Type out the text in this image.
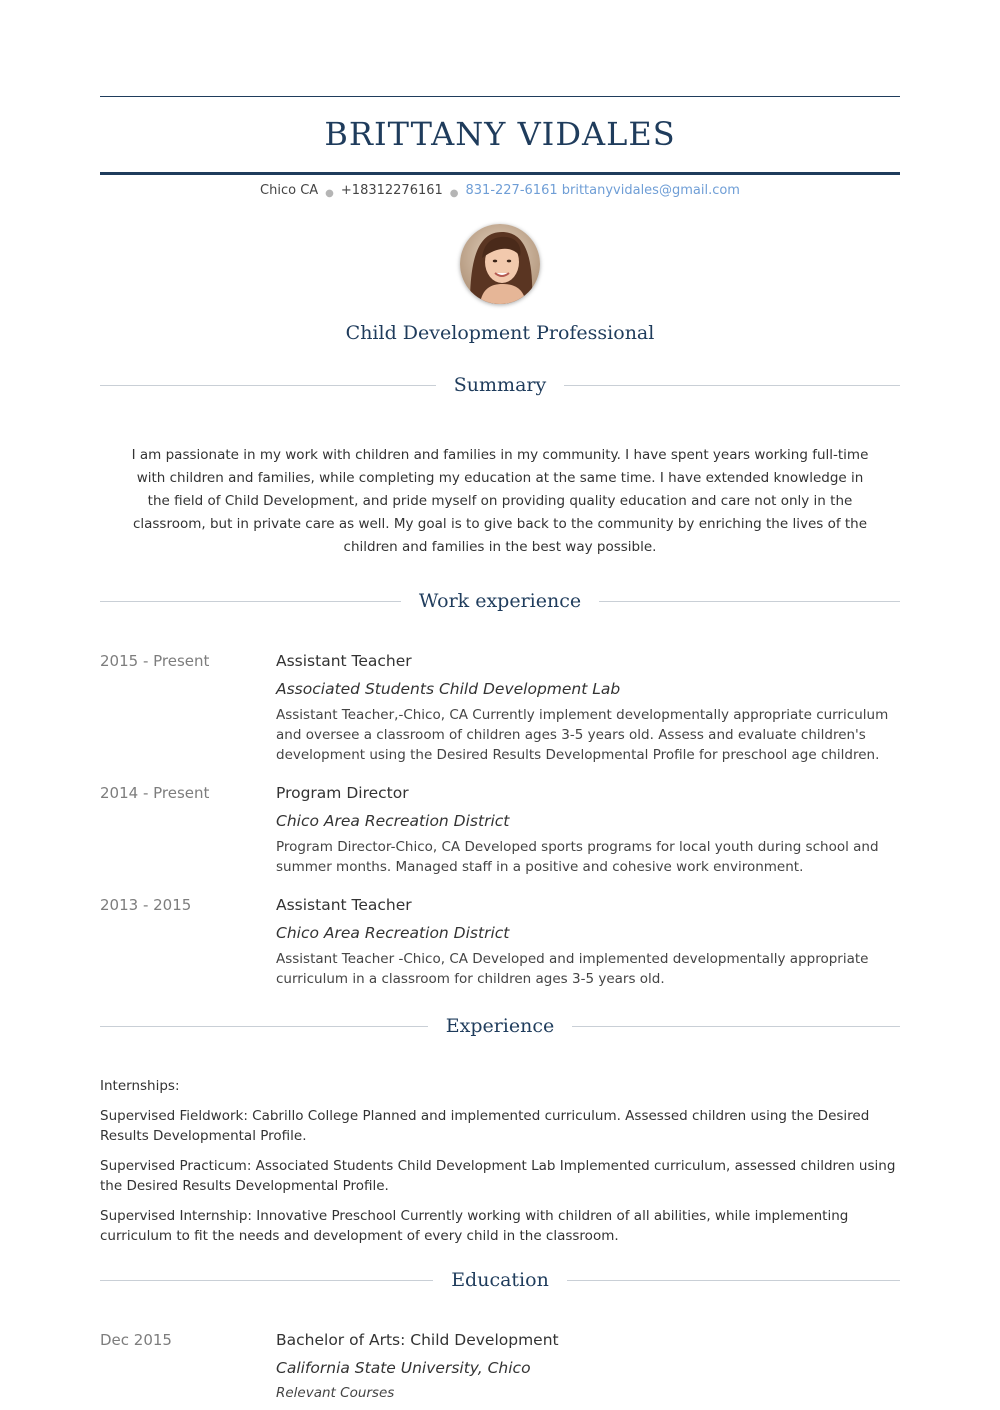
BRITTANY VIDALES
Chico CA ● +18312276161 ● 831-227-6161 brittanyvidales@gmail.com
Child Development Professional
Summary
I am passionate in my work with children and families in my community. I have spent years working full-time with children and families, while completing my education at the same time. I have extended knowledge in the field of Child Development, and pride myself on providing quality education and care not only in the classroom, but in private care as well. My goal is to give back to the community by enriching the lives of the children and families in the best way possible.
Work experience
2015 - Present	Assistant Teacher
Associated Students Child Development Lab
Assistant Teacher,-Chico, CA Currently implement developmentally appropriate curriculum and oversee a classroom of children ages 3-5 years old. Assess and evaluate children's development using the Desired Results Developmental Profile for preschool age children.
2014 - Present	Program Director
Chico Area Recreation District
Program Director-Chico, CA Developed sports programs for local youth during school and summer months. Managed staff in a positive and cohesive work environment.
2013 - 2015	Assistant Teacher
Chico Area Recreation District
Assistant Teacher -Chico, CA Developed and implemented developmentally appropriate curriculum in a classroom for children ages 3-5 years old.
Experience

Internships:

Supervised Fieldwork: Cabrillo College Planned and implemented curriculum. Assessed children using the Desired Results Developmental Profile.

Supervised Practicum: Associated Students Child Development Lab Implemented curriculum, assessed children using the Desired Results Developmental Profile.

Supervised Internship: Innovative Preschool Currently working with children of all abilities, while implementing curriculum to fit the needs and development of every child in the classroom.

Education
Dec 2015	Bachelor of Arts: Child Development
California State University, Chico
Relevant Courses
